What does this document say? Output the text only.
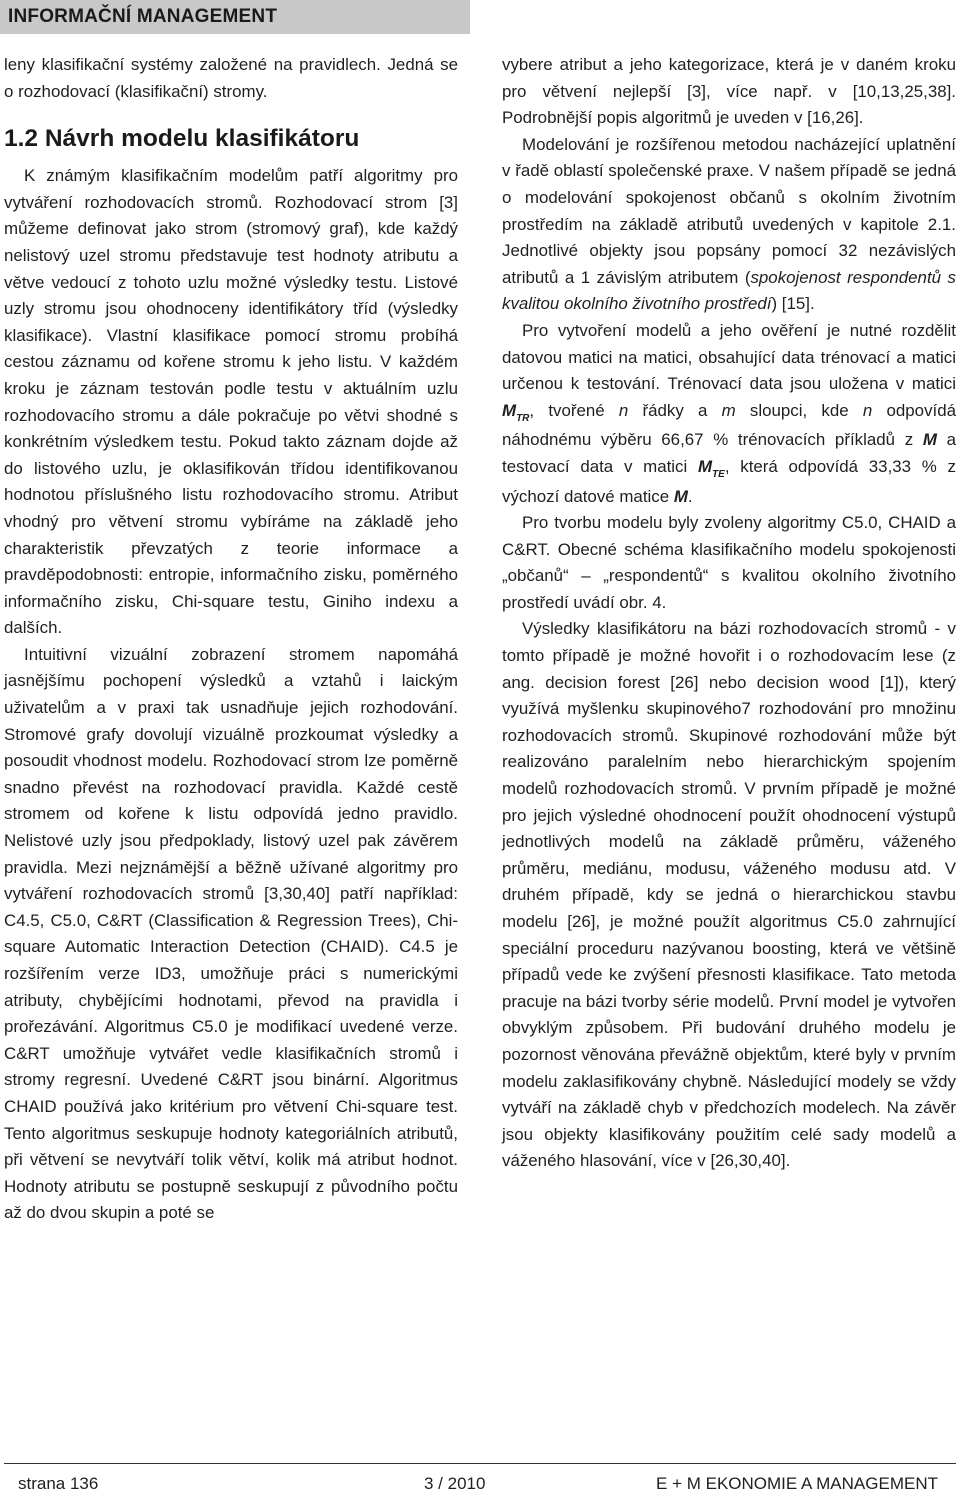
INFORMAČNÍ MANAGEMENT

leny klasifikační systémy založené na pravidlech. Jedná se o rozhodovací (klasifikační) stromy.

1.2 Návrh modelu klasifikátoru

K známým klasifikačním modelům patří algoritmy pro vytváření rozhodovacích stromů. Rozhodovací strom [3] můžeme definovat jako strom (stromový graf), kde každý nelistový uzel stromu představuje test hodnoty atributu a větve vedoucí z tohoto uzlu možné výsledky testu. Listové uzly stromu jsou ohodnoceny identifikátory tříd (výsledky klasifikace). Vlastní klasifikace pomocí stromu probíhá cestou záznamu od kořene stromu k jeho listu. V každém kroku je záznam testován podle testu v aktuálním uzlu rozhodovacího stromu a dále pokračuje po větvi shodné s konkrétním výsledkem testu. Pokud takto záznam dojde až do listového uzlu, je oklasifikován třídou identifikovanou hodnotou příslušného listu rozhodovacího stromu. Atribut vhodný pro větvení stromu vybíráme na základě jeho charakteristik převzatých z teorie informace a pravděpodobnosti: entropie, informačního zisku, poměrného informačního zisku, Chi-square testu, Giniho indexu a dalších.

Intuitivní vizuální zobrazení stromem napomáhá jasnějšímu pochopení výsledků a vztahů i laickým uživatelům a v praxi tak usnadňuje jejich rozhodování. Stromové grafy dovolují vizuálně prozkoumat výsledky a posoudit vhodnost modelu. Rozhodovací strom lze poměrně snadno převést na rozhodovací pravidla. Každé cestě stromem od kořene k listu odpovídá jedno pravidlo. Nelistové uzly jsou předpoklady, listový uzel pak závěrem pravidla. Mezi nejznámější a běžně užívané algoritmy pro vytváření rozhodovacích stromů [3,30,40] patří například: C4.5, C5.0, C&RT (Classification & Regression Trees), Chi-square Automatic Interaction Detection (CHAID). C4.5 je rozšířením verze ID3, umožňuje práci s numerickými atributy, chybějícími hodnotami, převod na pravidla i prořezávání. Algoritmus C5.0 je modifikací uvedené verze. C&RT umožňuje vytvářet vedle klasifikačních stromů i stromy regresní. Uvedené C&RT jsou binární. Algoritmus CHAID používá jako kritérium pro větvení Chi-square test. Tento algoritmus seskupuje hodnoty kategoriálních atributů, při větvení se nevytváří tolik větví, kolik má atribut hodnot. Hodnoty atributu se postupně seskupují z původního počtu až do dvou skupin a poté se

vybere atribut a jeho kategorizace, která je v daném kroku pro větvení nejlepší [3], více např. v [10,13,25,38]. Podrobnější popis algoritmů je uveden v [16,26].

Modelování je rozšířenou metodou nacházející uplatnění v řadě oblastí společenské praxe. V našem případě se jedná o modelování spokojenost občanů s okolním životním prostředím na základě atributů uvedených v kapitole 2.1. Jednotlivé objekty jsou popsány pomocí 32 nezávislých atributů a 1 závislým atributem (spokojenost respondentů s kvalitou okolního životního prostředí) [15].

Pro vytvoření modelů a jeho ověření je nutné rozdělit datovou matici na matici, obsahující data trénovací a matici určenou k testování. Trénovací data jsou uložena v matici $M_{TR}$, tvořené n řádky a m sloupci, kde n odpovídá náhodnému výběru 66,67 % trénovacích příkladů z M a testovací data v matici $M_{TE}$, která odpovídá 33,33 % z výchozí datové matice M.

Pro tvorbu modelu byly zvoleny algoritmy C5.0, CHAID a C&RT. Obecné schéma klasifikačního modelu spokojenosti „občanů“ – „respondentů“ s kvalitou okolního životního prostředí uvádí obr. 4.

Výsledky klasifikátoru na bázi rozhodovacích stromů - v tomto případě je možné hovořit i o rozhodovacím lese (z ang. decision forest [26] nebo decision wood [1]), který využívá myšlenku skupinového7 rozhodování pro množinu rozhodovacích stromů. Skupinové rozhodování může být realizováno paralelním nebo hierarchickým spojením modelů rozhodovacích stromů. V prvním případě je možné pro jejich výsledné ohodnocení použít ohodnocení výstupů jednotlivých modelů na základě průměru, váženého průměru, mediánu, modusu, váženého modusu atd. V druhém případě, kdy se jedná o hierarchickou stavbu modelu [26], je možné použít algoritmus C5.0 zahrnující speciální proceduru nazývanou boosting, která ve většině případů vede ke zvýšení přesnosti klasifikace. Tato metoda pracuje na bázi tvorby série modelů. První model je vytvořen obvyklým způsobem. Při budování druhého modelu je pozornost věnována převážně objektům, které byly v prvním modelu zaklasifikovány chybně. Následující modely se vždy vytváří na základě chyb v předchozích modelech. Na závěr jsou objekty klasifikovány použitím celé sady modelů a váženého hlasování, více v [26,30,40].

strana 136	3 / 2010	E + M EKONOMIE A MANAGEMENT
